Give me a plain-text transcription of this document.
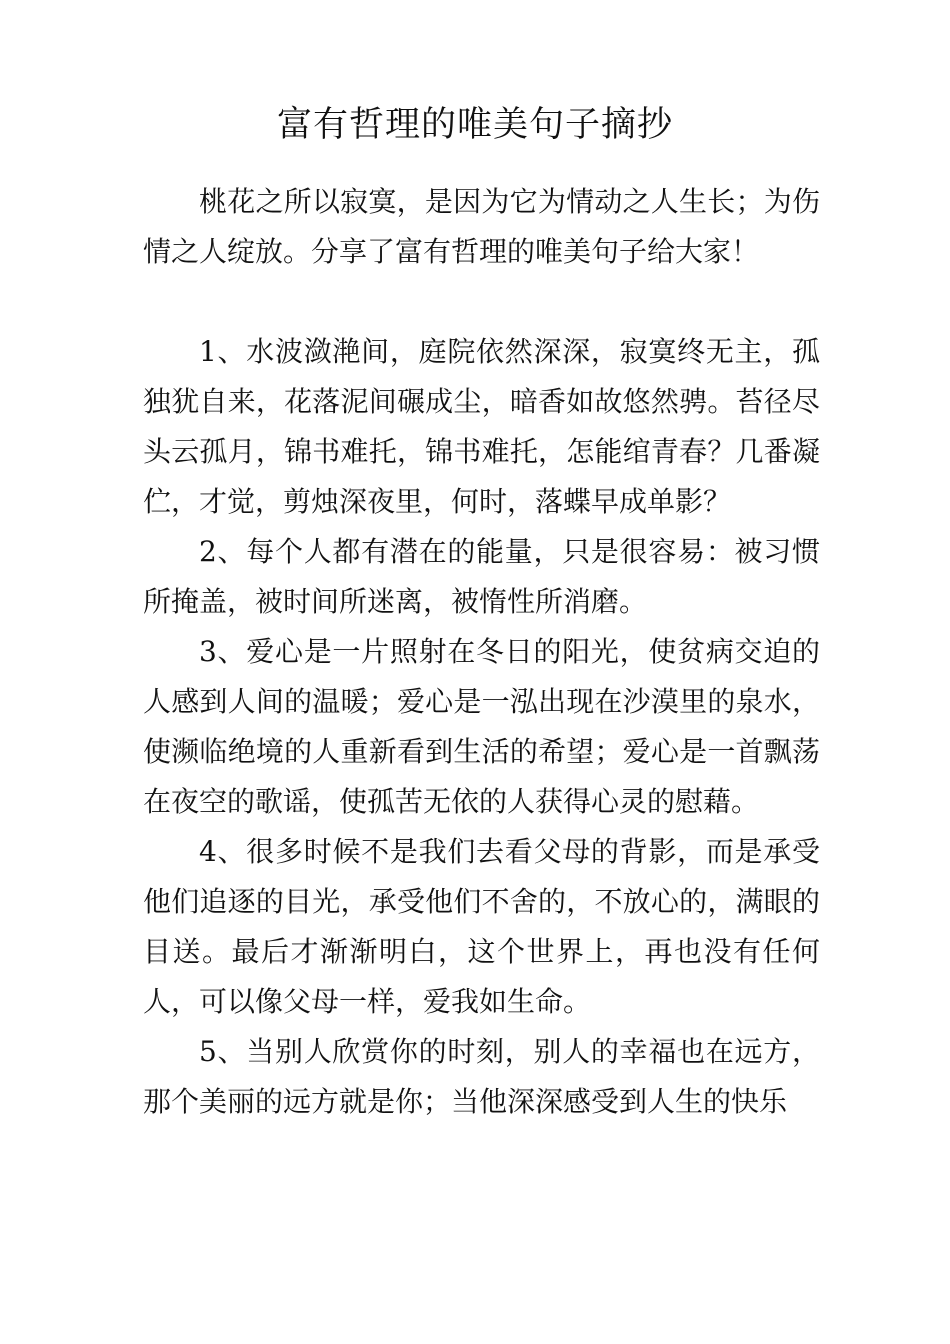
富有哲理的唯美句子摘抄

桃花之所以寂寞，是因为它为情动之人生长；为伤情之人绽放。分享了富有哲理的唯美句子给大家！

1、水波潋滟间，庭院依然深深，寂寞终无主，孤独犹自来，花落泥间碾成尘，暗香如故悠然骋。苔径尽头云孤月，锦书难托，锦书难托，怎能绾青春？几番凝伫，才觉，剪烛深夜里，何时，落蝶早成单影？

2、每个人都有潜在的能量，只是很容易：被习惯所掩盖，被时间所迷离，被惰性所消磨。

3、爱心是一片照射在冬日的阳光，使贫病交迫的人感到人间的温暖；爱心是一泓出现在沙漠里的泉水，使濒临绝境的人重新看到生活的希望；爱心是一首飘荡在夜空的歌谣，使孤苦无依的人获得心灵的慰藉。

4、很多时候不是我们去看父母的背影，而是承受他们追逐的目光，承受他们不舍的，不放心的，满眼的目送。最后才渐渐明白，这个世界上，再也没有任何人，可以像父母一样，爱我如生命。

5、当别人欣赏你的时刻，别人的幸福也在远方，那个美丽的远方就是你；当他深深感受到人生的快乐
